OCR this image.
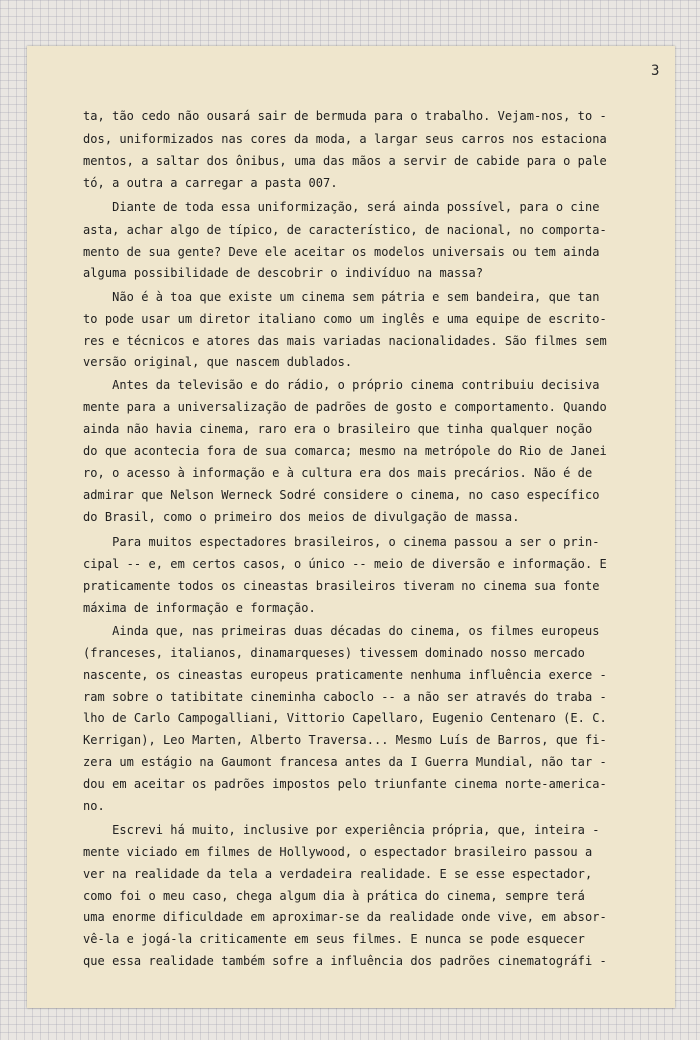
3
ta, tão cedo não ousará sair de bermuda para o trabalho. Vejam-nos, to -
dos, uniformizados nas cores da moda, a largar seus carros nos estaciona
mentos, a saltar dos ônibus, uma das mãos a servir de cabide para o pale
tó, a outra a carregar a pasta 007.
Diante de toda essa uniformização, será ainda possível, para o cine
asta, achar algo de típico, de característico, de nacional, no comporta-
mento de sua gente? Deve ele aceitar os modelos universais ou tem ainda
alguma possibilidade de descobrir o indivíduo na massa?
Não é à toa que existe um cinema sem pátria e sem bandeira, que tan
to pode usar um diretor italiano como um inglês e uma equipe de escrito-
res e técnicos e atores das mais variadas nacionalidades. São filmes sem
versão original, que nascem dublados.
Antes da televisão e do rádio, o próprio cinema contribuiu decisiva
mente para a universalização de padrões de gosto e comportamento. Quando
ainda não havia cinema, raro era o brasileiro que tinha qualquer noção
do que acontecia fora de sua comarca; mesmo na metrópole do Rio de Janei
ro, o acesso à informação e à cultura era dos mais precários. Não é de
admirar que Nelson Werneck Sodré considere o cinema, no caso específico
do Brasil, como o primeiro dos meios de divulgação de massa.
Para muitos espectadores brasileiros, o cinema passou a ser o prin-
cipal -- e, em certos casos, o único -- meio de diversão e informação. E
praticamente todos os cineastas brasileiros tiveram no cinema sua fonte
máxima de informação e formação.
Ainda que, nas primeiras duas décadas do cinema, os filmes europeus
(franceses, italianos, dinamarqueses) tivessem dominado nosso mercado
nascente, os cineastas europeus praticamente nenhuma influência exerce -
ram sobre o tatibitate cineminha caboclo -- a não ser através do traba -
lho de Carlo Campogalliani, Vittorio Capellaro, Eugenio Centenaro (E. C.
Kerrigan), Leo Marten, Alberto Traversa... Mesmo Luís de Barros, que fi-
zera um estágio na Gaumont francesa antes da I Guerra Mundial, não tar -
dou em aceitar os padrões impostos pelo triunfante cinema norte-america-
no.
Escrevi há muito, inclusive por experiência própria, que, inteira -
mente viciado em filmes de Hollywood, o espectador brasileiro passou a
ver na realidade da tela a verdadeira realidade. E se esse espectador,
como foi o meu caso, chega algum dia à prática do cinema, sempre terá
uma enorme dificuldade em aproximar-se da realidade onde vive, em absor-
vê-la e jogá-la criticamente em seus filmes. E nunca se pode esquecer
que essa realidade também sofre a influência dos padrões cinematográfi -
